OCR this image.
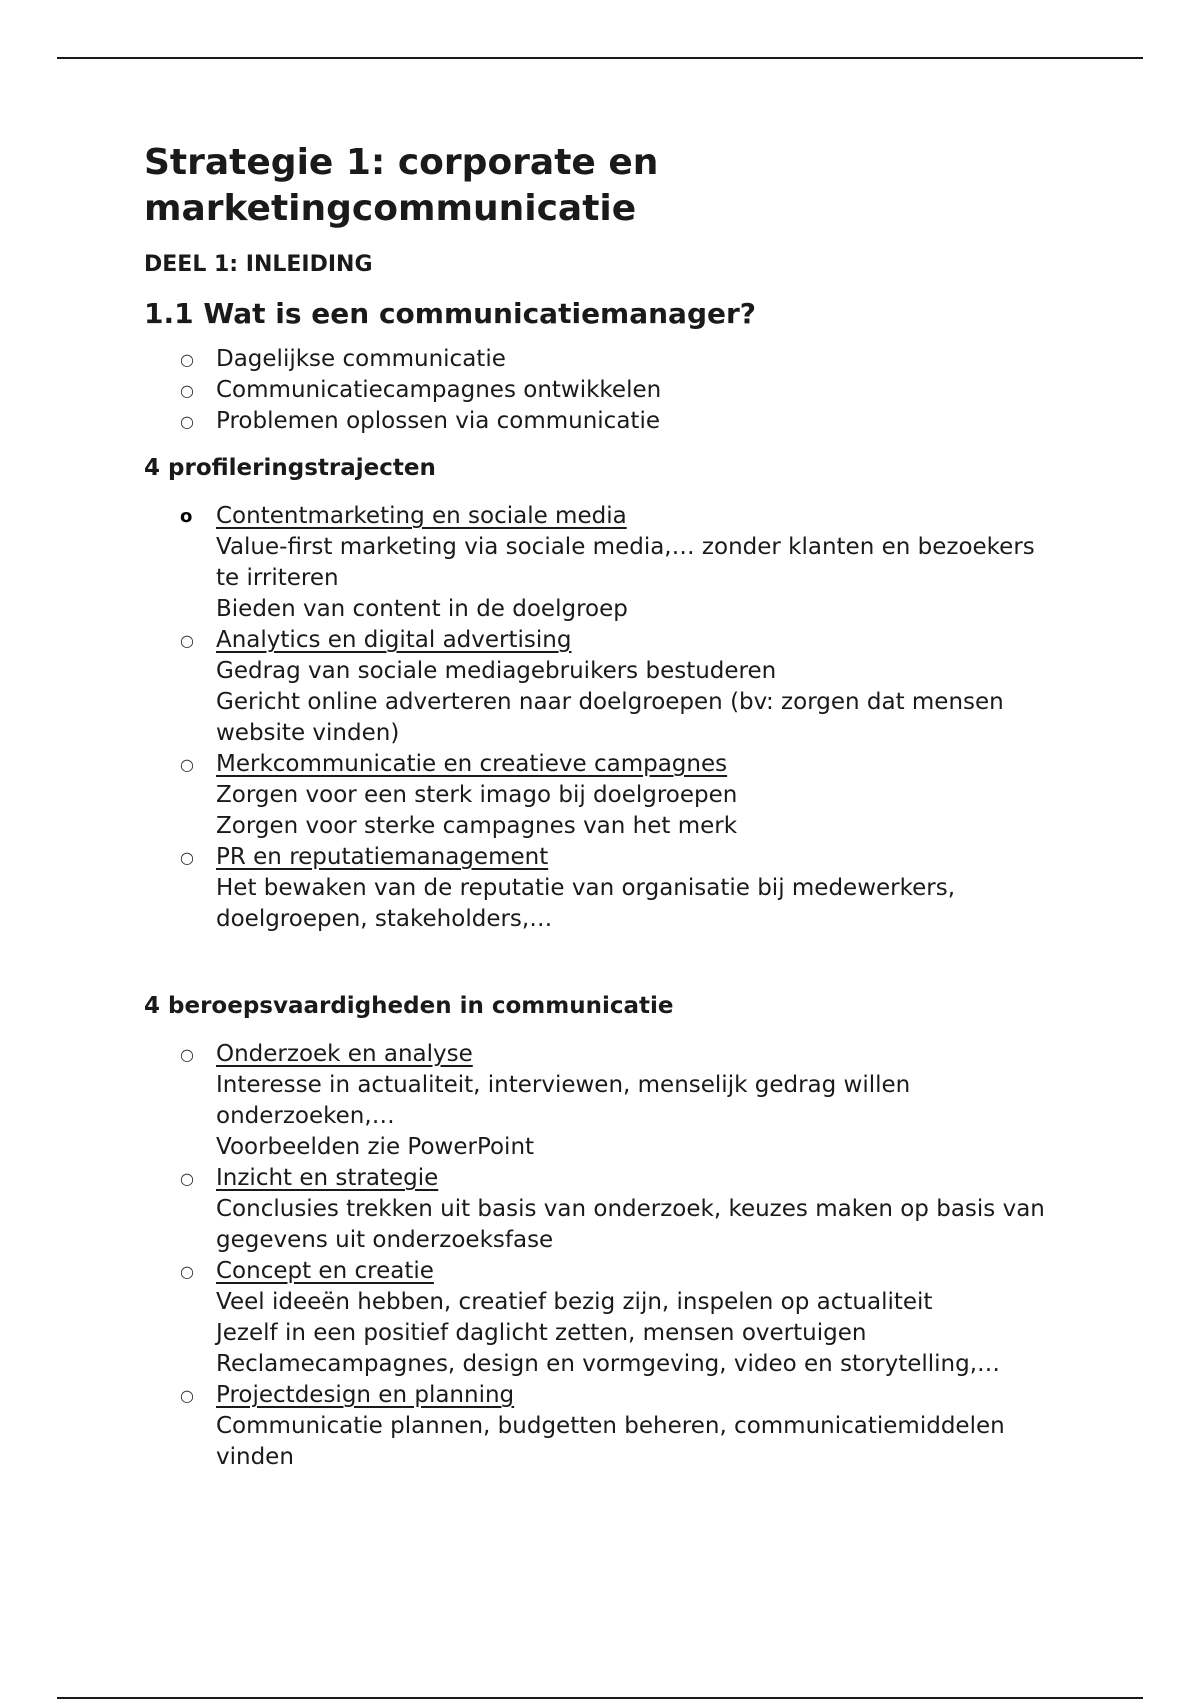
Strategie 1: corporate en marketingcommunicatie
DEEL 1: INLEIDING
1.1 Wat is een communicatiemanager?
○ Dagelijkse communicatie
○ Communicatiecampagnes ontwikkelen
○ Problemen oplossen via communicatie
4 profileringstrajecten
o Contentmarketing en sociale media
Value-first marketing via sociale media,… zonder klanten en bezoekers te irriteren
Bieden van content in de doelgroep
○ Analytics en digital advertising
Gedrag van sociale mediagebruikers bestuderen
Gericht online adverteren naar doelgroepen (bv: zorgen dat mensen website vinden)
○ Merkcommunicatie en creatieve campagnes
Zorgen voor een sterk imago bij doelgroepen
Zorgen voor sterke campagnes van het merk
○ PR en reputatiemanagement
Het bewaken van de reputatie van organisatie bij medewerkers, doelgroepen, stakeholders,…
4 beroepsvaardigheden in communicatie
○ Onderzoek en analyse
Interesse in actualiteit, interviewen, menselijk gedrag willen onderzoeken,…
Voorbeelden zie PowerPoint
○ Inzicht en strategie
Conclusies trekken uit basis van onderzoek, keuzes maken op basis van gegevens uit onderzoeksfase
○ Concept en creatie
Veel ideeën hebben, creatief bezig zijn, inspelen op actualiteit
Jezelf in een positief daglicht zetten, mensen overtuigen
Reclamecampagnes, design en vormgeving, video en storytelling,…
○ Projectdesign en planning
Communicatie plannen, budgetten beheren, communicatiemiddelen vinden
